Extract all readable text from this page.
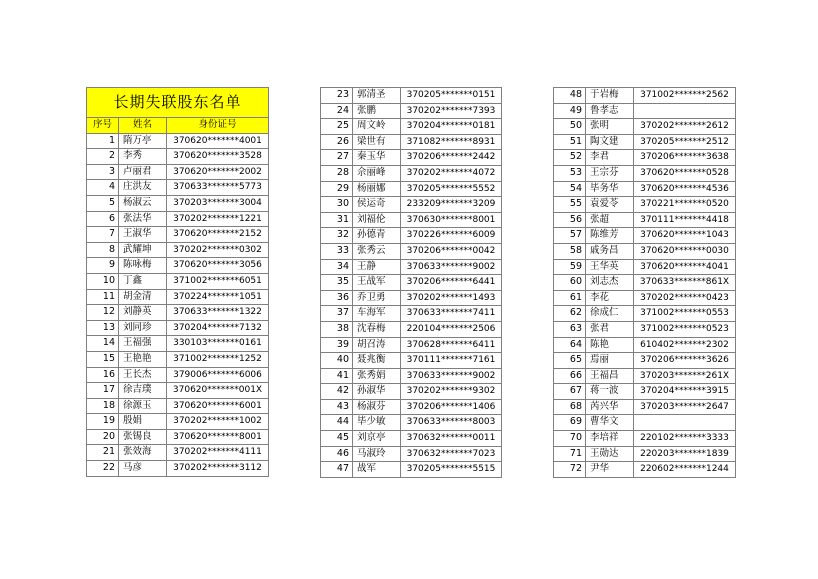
长期失联股东名单		
序号	姓名	身份证号
1	隋万亭	370620*******4001
2	李秀	370620*******3528
3	卢丽君	370620*******2002
4	庄洪友	370633*******5773
5	杨淑云	370203*******3004
6	张法华	370202*******1221
7	王淑华	370620*******2152
8	武耀坤	370202*******0302
9	陈咏梅	370620*******3056
10	丁鑫	371002*******6051
11	胡金清	370224*******1051
12	刘静英	370633*******1322
13	刘同珍	370204*******7132
14	王福强	330103*******0161
15	王艳艳	371002*******1252
16	王长杰	379006*******6006
17	徐吉璞	370620*******001X
18	徐源玉	370620*******6001
19	殷娟	370202*******1002
20	张锡良	370620*******8001
21	张效海	370202*******4111
22	马彦	370202*******3112
23	郭清圣	370205*******0151
24	张鹏	370202*******7393
25	周文岭	370204*******0181
26	梁世有	371082*******8931
27	秦玉华	370206*******2442
28	佘丽峰	370202*******4072
29	杨丽娜	370205*******5552
30	侯运奇	233209*******3209
31	刘福伦	370630*******8001
32	孙德青	370226*******6009
33	张秀云	370206*******0042
34	王静	370633*******9002
35	王战军	370206*******6441
36	乔卫勇	370202*******1493
37	车海军	370633*******7411
38	沈春梅	220104*******2506
39	胡召涛	370628*******6411
40	聂兆衡	370111*******7161
41	张秀娟	370633*******9002
42	孙淑华	370202*******9302
43	杨淑芬	370206*******1406
44	毕少敏	370633*******8003
45	刘京亭	370632*******0011
46	马淑玲	370632*******7023
47	战军	370205*******5515
48	于岩梅	371002*******2562
49	鲁孝志	
50	张明	370202*******2612
51	陶文建	370205*******2512
52	李君	370206*******3638
53	王宗芬	370620*******0528
54	毕务华	370620*******4536
55	袁爱苓	370221*******0520
56	张超	370111*******4418
57	陈维芳	370620*******1043
58	戚务昌	370620*******0030
59	王华英	370620*******4041
60	刘志杰	370633*******861X
61	李花	370202*******0423
62	徐成仁	371002*******0553
63	张君	371002*******0523
64	陈艳	610402*******2302
65	焉丽	370206*******3626
66	王福昌	370203*******261X
67	蒋一波	370204*******3915
68	芮兴华	370203*******2647
69	曹华文	
70	李培祥	220102*******3333
71	王勋达	220203*******1839
72	尹华	220602*******1244
